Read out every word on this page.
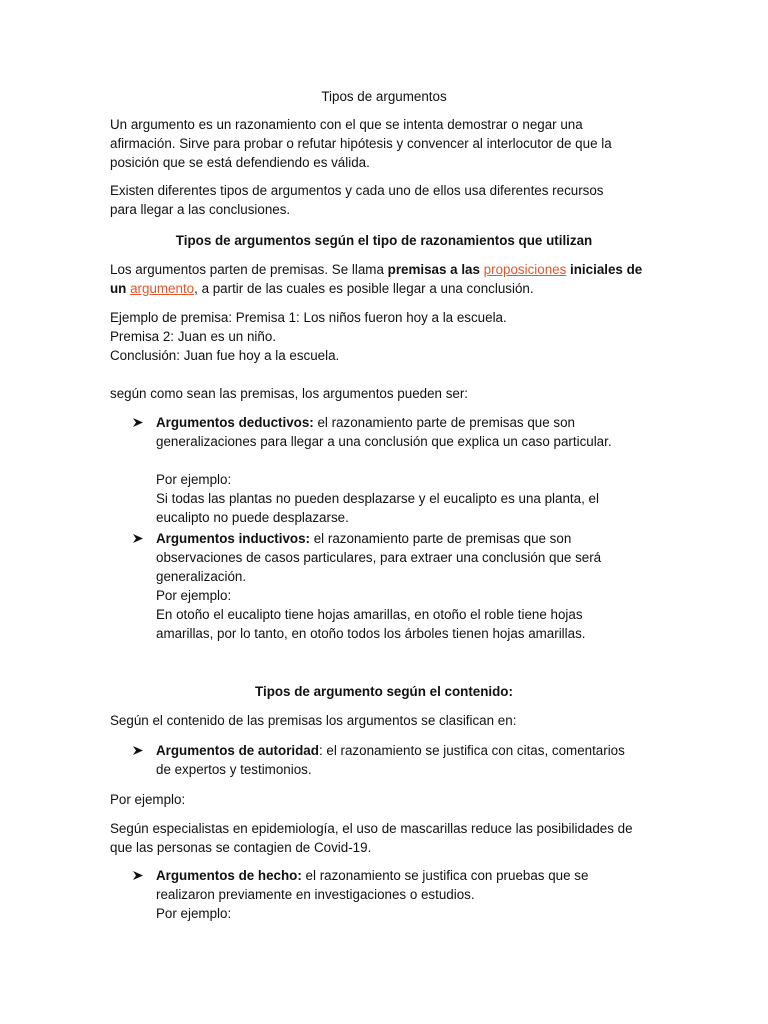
Tipos de argumentos

Un argumento es un razonamiento con el que se intenta demostrar o negar una
afirmación. Sirve para probar o refutar hipótesis y convencer al interlocutor de que la
posición que se está defendiendo es válida.

Existen diferentes tipos de argumentos y cada uno de ellos usa diferentes recursos
para llegar a las conclusiones.

Tipos de argumentos según el tipo de razonamientos que utilizan

Los argumentos parten de premisas. Se llama premisas a las proposiciones iniciales de
un argumento, a partir de las cuales es posible llegar a una conclusión.

Ejemplo de premisa: Premisa 1: Los niños fueron hoy a la escuela.
Premisa 2: Juan es un niño.
Conclusión: Juan fue hoy a la escuela.

según como sean las premisas, los argumentos pueden ser:

Argumentos deductivos: el razonamiento parte de premisas que son
generalizaciones para llegar a una conclusión que explica un caso particular.

Por ejemplo:
Si todas las plantas no pueden desplazarse y el eucalipto es una planta, el
eucalipto no puede desplazarse.

Argumentos inductivos: el razonamiento parte de premisas que son
observaciones de casos particulares, para extraer una conclusión que será
generalización.
Por ejemplo:
En otoño el eucalipto tiene hojas amarillas, en otoño el roble tiene hojas
amarillas, por lo tanto, en otoño todos los árboles tienen hojas amarillas.

Tipos de argumento según el contenido:

Según el contenido de las premisas los argumentos se clasifican en:

Argumentos de autoridad: el razonamiento se justifica con citas, comentarios
de expertos y testimonios.

Por ejemplo:

Según especialistas en epidemiología, el uso de mascarillas reduce las posibilidades de
que las personas se contagien de Covid-19.

Argumentos de hecho: el razonamiento se justifica con pruebas que se
realizaron previamente en investigaciones o estudios.
Por ejemplo:
